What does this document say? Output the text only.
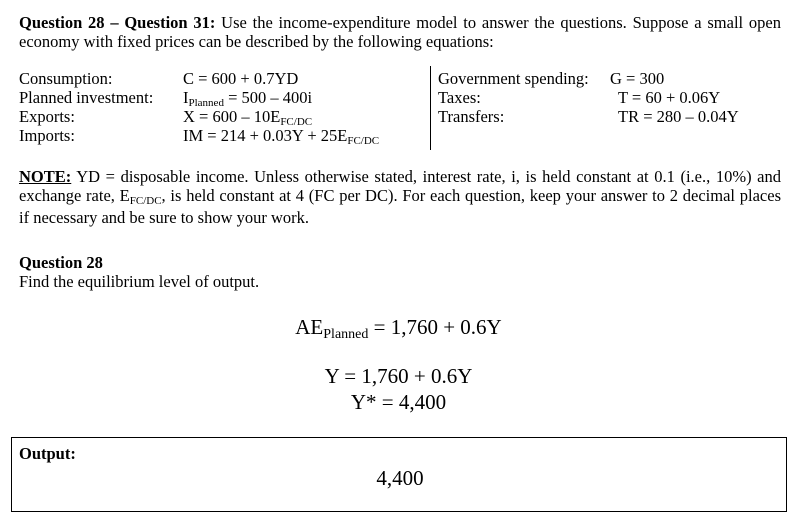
Question 28 – Question 31: Use the income-expenditure model to answer the questions. Suppose a small open economy with fixed prices can be described by the following equations:
Consumption:	C = 600 + 0.7YD
Planned investment: IPlanned = 500 – 400i
Exports:	X = 600 – 10EFC/DC
Imports:	IM = 214 + 0.03Y + 25EFC/DC
Government spending: G = 300
Taxes:	T = 60 + 0.06Y
Transfers:	TR = 280 – 0.04Y
NOTE: YD = disposable income. Unless otherwise stated, interest rate, i, is held constant at 0.1 (i.e., 10%) and exchange rate, EFC/DC, is held constant at 4 (FC per DC). For each question, keep your answer to 2 decimal places if necessary and be sure to show your work.
Question 28
Find the equilibrium level of output.
AEPlanned = 1,760 + 0.6Y
Y = 1,760 + 0.6Y
Y* = 4,400
Output:
4,400
